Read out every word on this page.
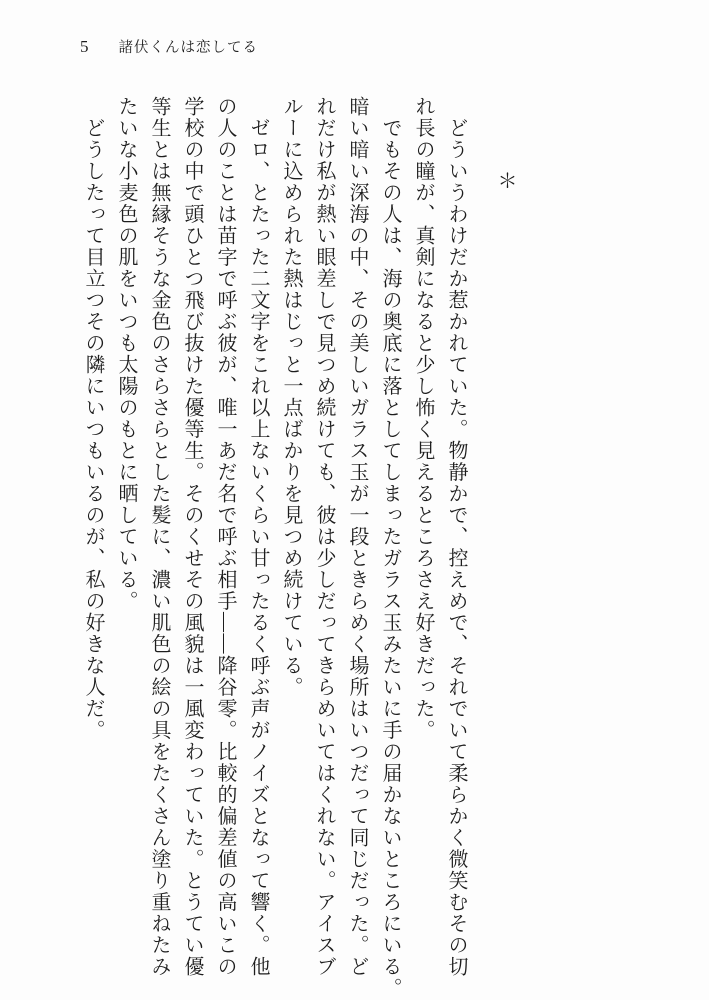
5 諸伏くんは恋してる
＊
　どういうわけだか惹かれていた。物静かで、控えめで、それでいて柔らかく微笑むその切
れ長の瞳が、真剣になると少し怖く見えるところさえ好きだった。
　でもその人は、海の奥底に落としてしまったガラス玉みたいに手の届かないところにいる。
暗い暗い深海の中、その美しいガラス玉が一段ときらめく場所はいつだって同じだった。ど
れだけ私が熱い眼差しで見つめ続けても、彼は少しだってきらめいてはくれない。アイスブ
ルーに込められた熱はじっと一点ばかりを見つめ続けている。
　ゼロ、とたった二文字をこれ以上ないくらい甘ったるく呼ぶ声がノイズとなって響く。他
の人のことは苗字で呼ぶ彼が、唯一あだ名で呼ぶ相手――降谷零。比較的偏差値の高いこの
学校の中で頭ひとつ飛び抜けた優等生。そのくせその風貌は一風変わっていた。とうてい優
等生とは無縁そうな金色のさらさらとした髪に、濃い肌色の絵の具をたくさん塗り重ねたみ
たいな小麦色の肌をいつも太陽のもとに晒している。
　どうしたって目立つその隣にいつもいるのが、私の好きな人だ。
